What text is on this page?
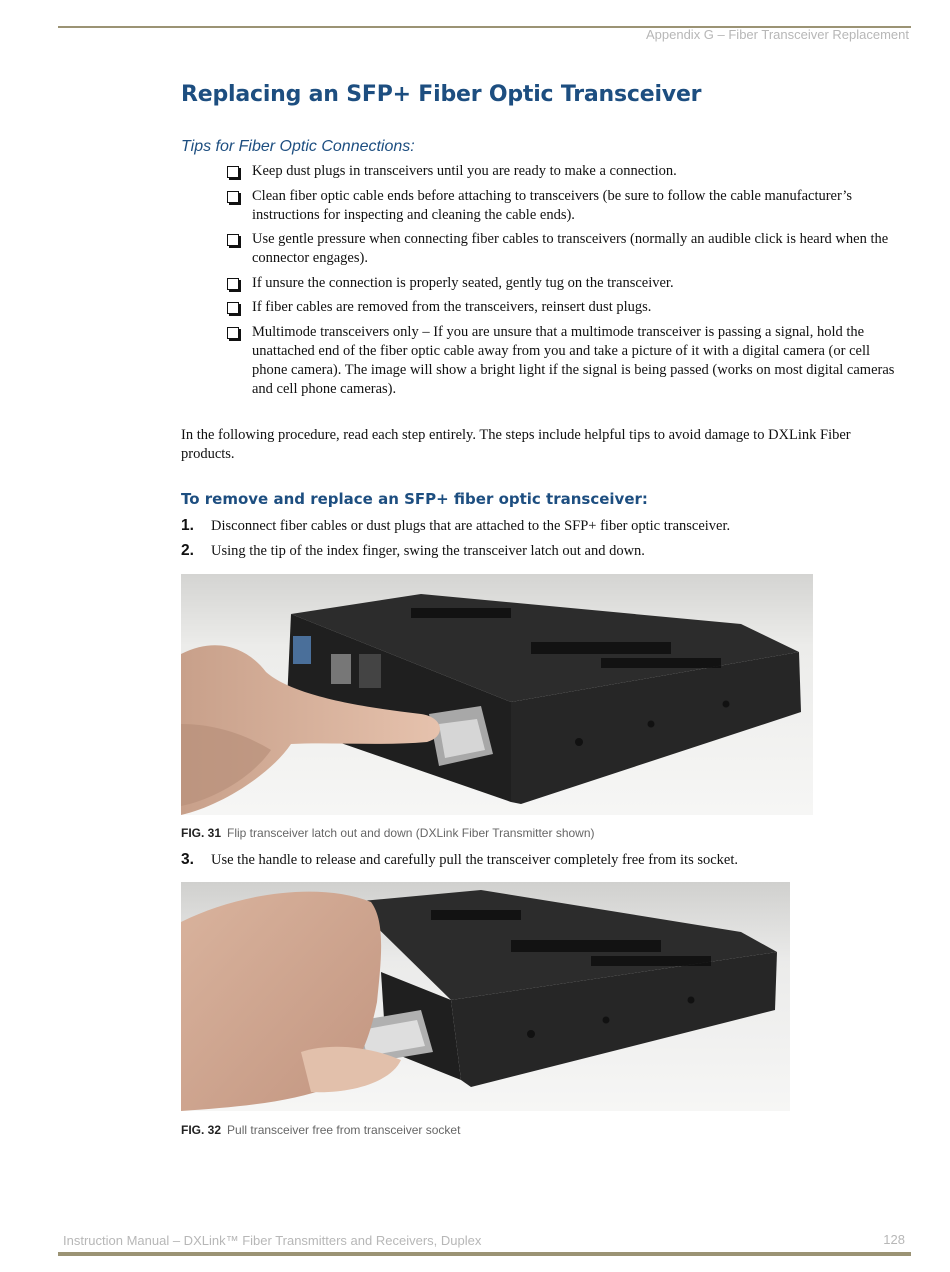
Appendix G – Fiber Transceiver Replacement
Replacing an SFP+ Fiber Optic Transceiver
Tips for Fiber Optic Connections:
Keep dust plugs in transceivers until you are ready to make a connection.
Clean fiber optic cable ends before attaching to transceivers (be sure to follow the cable manufacturer’s instructions for inspecting and cleaning the cable ends).
Use gentle pressure when connecting fiber cables to transceivers (normally an audible click is heard when the connector engages).
If unsure the connection is properly seated, gently tug on the transceiver.
If fiber cables are removed from the transceivers, reinsert dust plugs.
Multimode transceivers only – If you are unsure that a multimode transceiver is passing a signal, hold the unattached end of the fiber optic cable away from you and take a picture of it with a digital camera (or cell phone camera). The image will show a bright light if the signal is being passed (works on most digital cameras and cell phone cameras).

In the following procedure, read each step entirely. The steps include helpful tips to avoid damage to DXLink Fiber products.

To remove and replace an SFP+ fiber optic transceiver:
1. Disconnect fiber cables or dust plugs that are attached to the SFP+ fiber optic transceiver.
2. Using the tip of the index finger, swing the transceiver latch out and down.
FIG. 31 Flip transceiver latch out and down (DXLink Fiber Transmitter shown)
3. Use the handle to release and carefully pull the transceiver completely free from its socket.
FIG. 32 Pull transceiver free from transceiver socket
Instruction Manual – DXLink™ Fiber Transmitters and Receivers, Duplex	128
